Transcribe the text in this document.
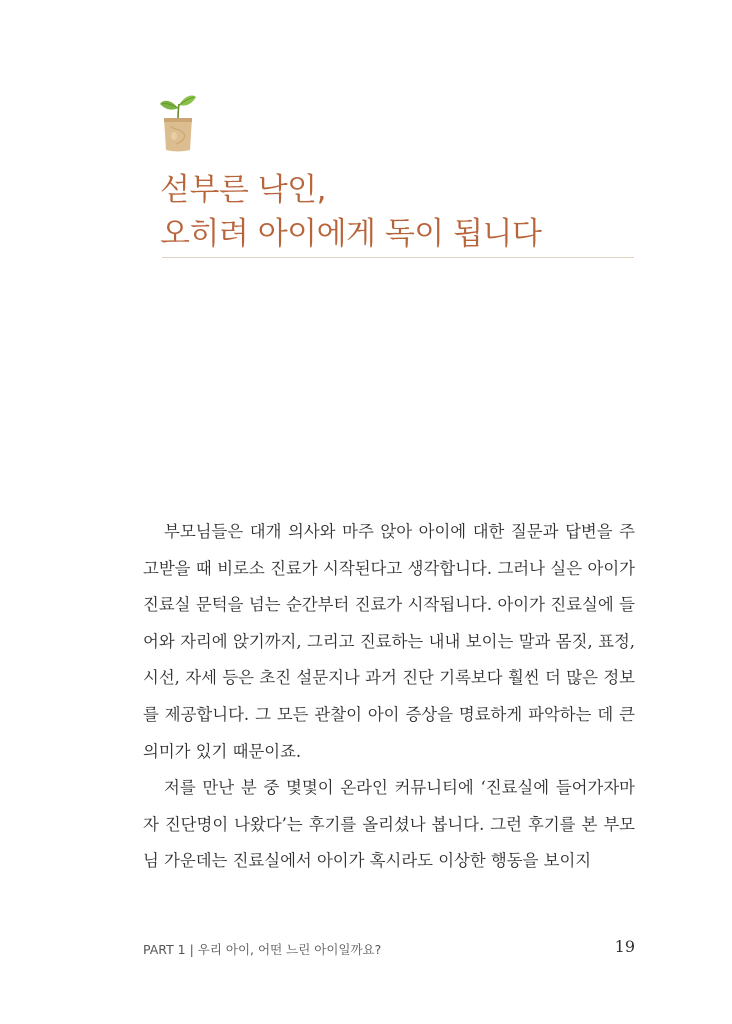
섣부른 낙인,
오히려 아이에게 독이 됩니다

부모님들은 대개 의사와 마주 앉아 아이에 대한 질문과 답변을 주고받을 때 비로소 진료가 시작된다고 생각합니다. 그러나 실은 아이가 진료실 문턱을 넘는 순간부터 진료가 시작됩니다. 아이가 진료실에 들어와 자리에 앉기까지, 그리고 진료하는 내내 보이는 말과 몸짓, 표정, 시선, 자세 등은 초진 설문지나 과거 진단 기록보다 훨씬 더 많은 정보를 제공합니다. 그 모든 관찰이 아이 증상을 명료하게 파악하는 데 큰 의미가 있기 때문이죠.

저를 만난 분 중 몇몇이 온라인 커뮤니티에 ‘진료실에 들어가자마자 진단명이 나왔다’는 후기를 올리셨나 봅니다. 그런 후기를 본 부모님 가운데는 진료실에서 아이가 혹시라도 이상한 행동을 보이지

PART 1 | 우리 아이, 어떤 느린 아이일까요?	19
